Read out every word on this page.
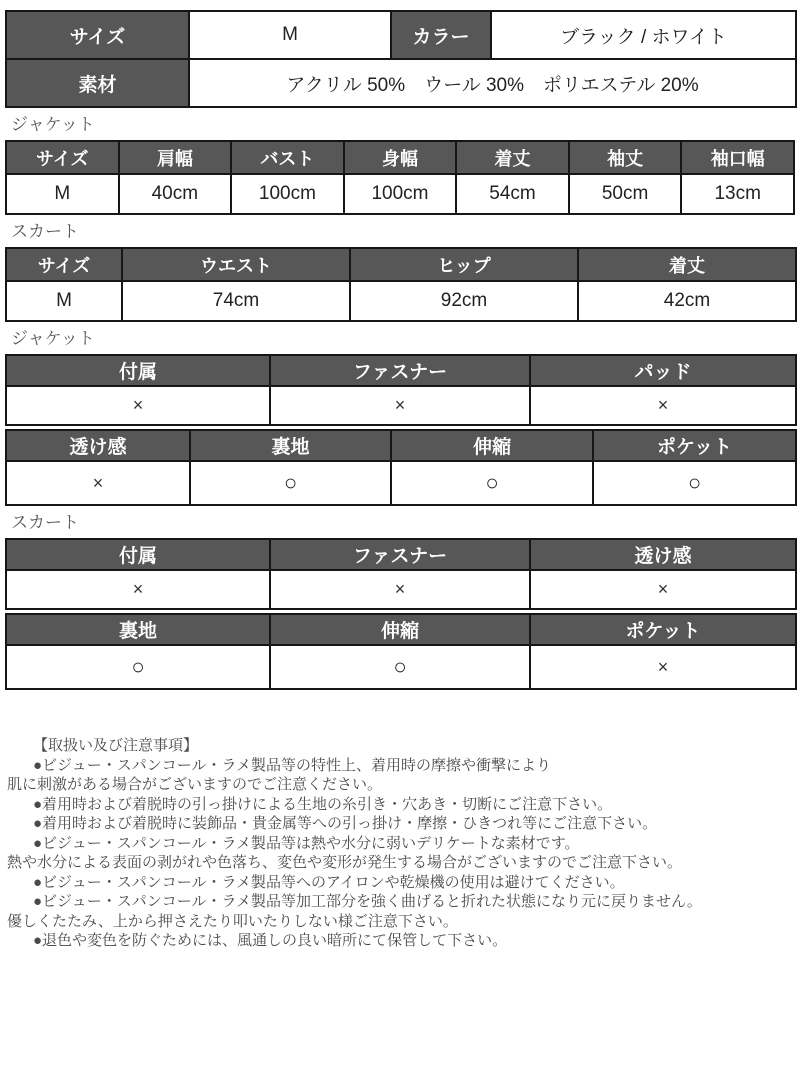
サイズ	M	カラー	ブラック / ホワイト
素材	アクリル 50%　ウール 30%　ポリエステル 20%		
ジャケット
サイズ	肩幅	バスト	身幅	着丈	袖丈	袖口幅
M	40cm	100cm	100cm	54cm	50cm	13cm
スカート
サイズ	ウエスト	ヒップ	着丈
M	74cm	92cm	42cm
ジャケット
付属	ファスナー	パッド
×	×	×
透け感	裏地	伸縮	ポケット
×	○	○	○
スカート
付属	ファスナー	透け感
×	×	×
裏地	伸縮	ポケット
○	○	×
【取扱い及び注意事項】
●ビジュー・スパンコール・ラメ製品等の特性上、着用時の摩擦や衝撃により
肌に刺激がある場合がございますのでご注意ください。
●着用時および着脱時の引っ掛けによる生地の糸引き・穴あき・切断にご注意下さい。
●着用時および着脱時に装飾品・貴金属等への引っ掛け・摩擦・ひきつれ等にご注意下さい。
●ビジュー・スパンコール・ラメ製品等は熱や水分に弱いデリケートな素材です。
熱や水分による表面の剥がれや色落ち、変色や変形が発生する場合がございますのでご注意下さい。
●ビジュー・スパンコール・ラメ製品等へのアイロンや乾燥機の使用は避けてください。
●ビジュー・スパンコール・ラメ製品等加工部分を強く曲げると折れた状態になり元に戻りません。
優しくたたみ、上から押さえたり叩いたりしない様ご注意下さい。
●退色や変色を防ぐためには、風通しの良い暗所にて保管して下さい。
